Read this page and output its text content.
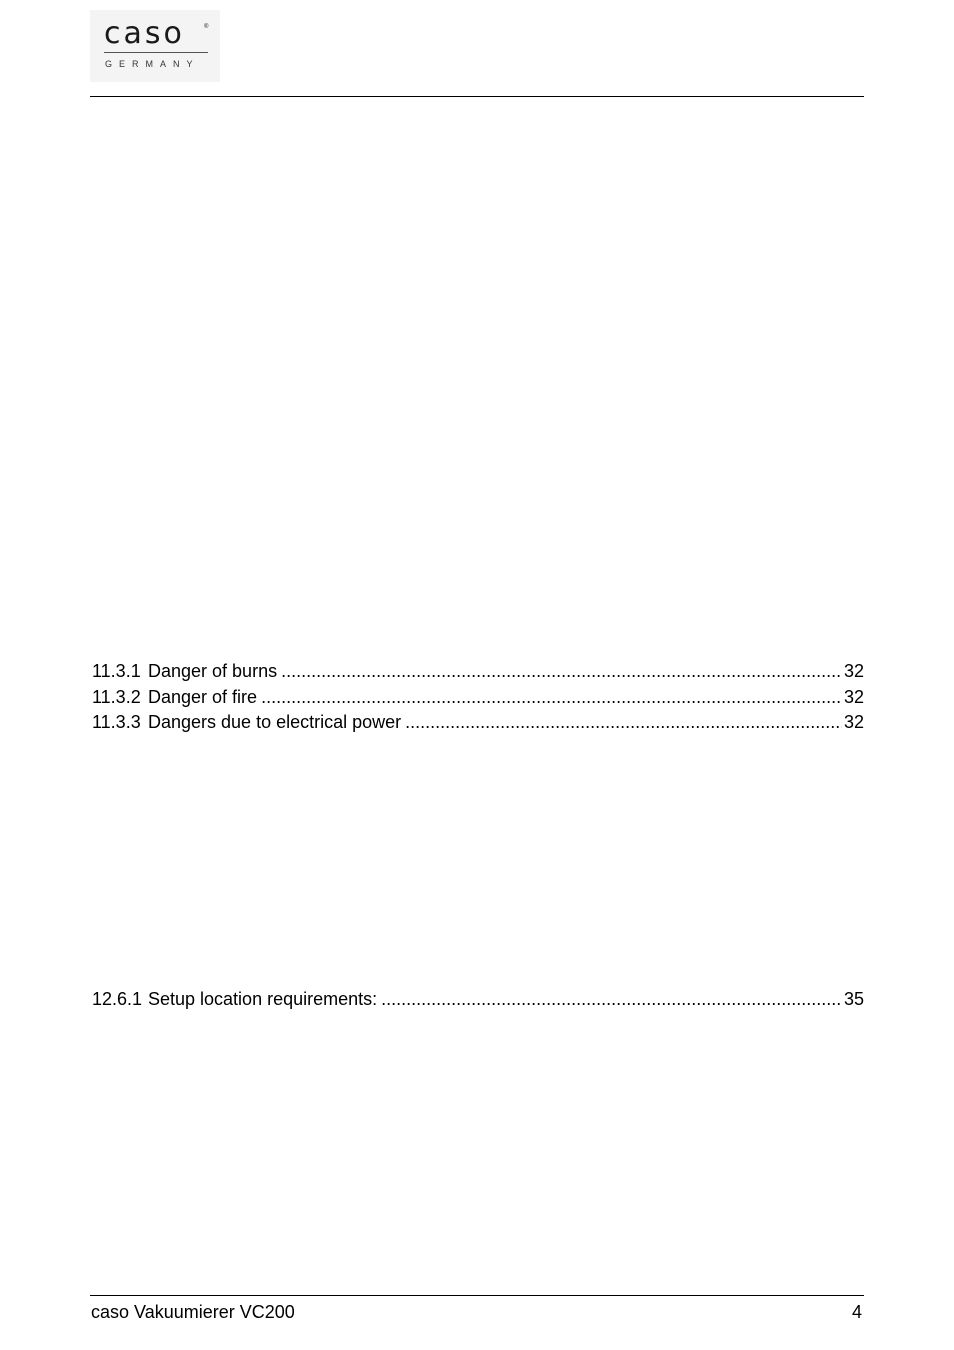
caso	®
GERMANY
11.3.1 Danger of burns .....	32
11.3.2 Danger of fire .....	32
11.3.3 Dangers due to electrical power .....	32
12.6.1 Setup location requirements: .....	35
caso Vakuumierer VC200	4
